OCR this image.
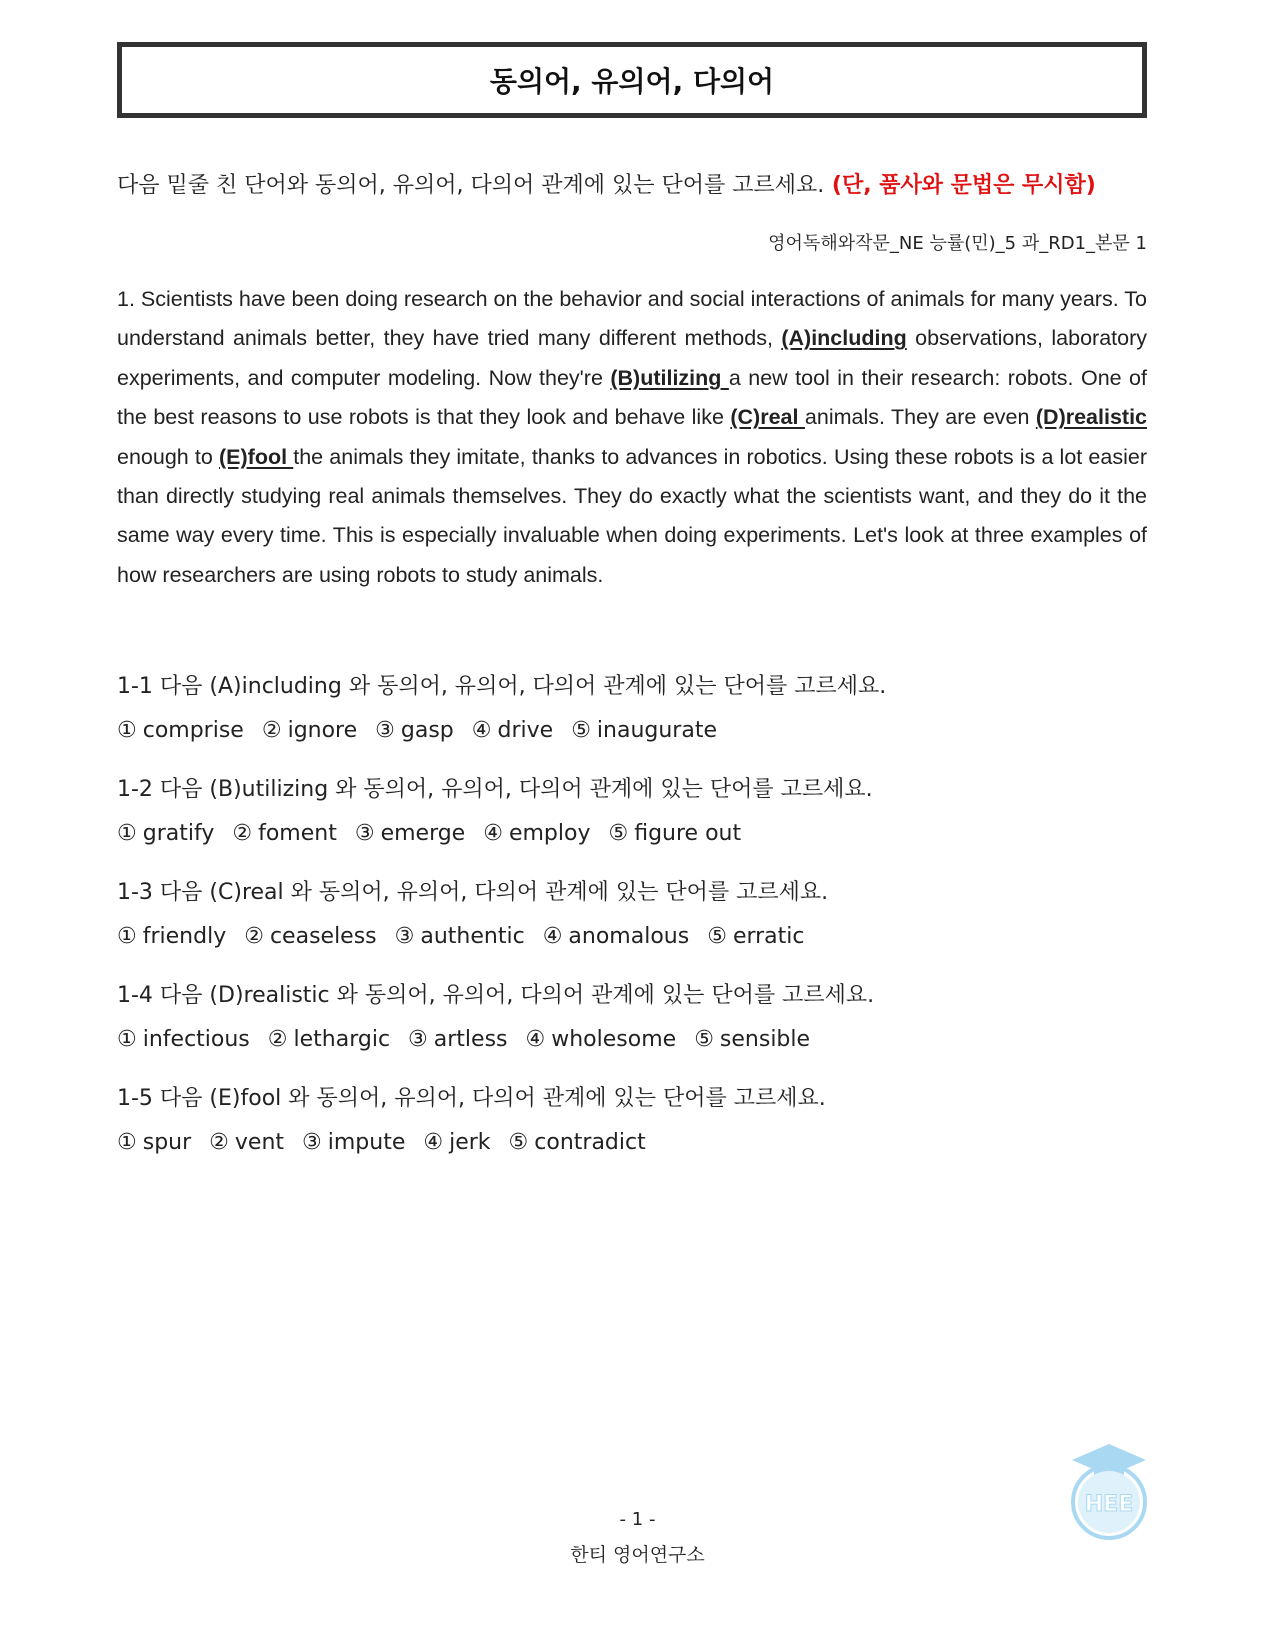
동의어, 유의어, 다의어
다음 밑줄 친 단어와 동의어, 유의어, 다의어 관계에 있는 단어를 고르세요. (단, 품사와 문법은 무시함)
영어독해와작문_NE 능률(민)_5 과_RD1_본문 1
1. Scientists have been doing research on the behavior and social interactions of animals for many years. To understand animals better, they have tried many different methods, (A)including observations, laboratory experiments, and computer modeling. Now they're (B)utilizing a new tool in their research: robots. One of the best reasons to use robots is that they look and behave like (C)real animals. They are even (D)realistic enough to (E)fool the animals they imitate, thanks to advances in robotics. Using these robots is a lot easier than directly studying real animals themselves. They do exactly what the scientists want, and they do it the same way every time. This is especially invaluable when doing experiments. Let's look at three examples of how researchers are using robots to study animals.
1-1 다음 (A)including 와 동의어, 유의어, 다의어 관계에 있는 단어를 고르세요.
① comprise ② ignore ③ gasp ④ drive ⑤ inaugurate
1-2 다음 (B)utilizing 와 동의어, 유의어, 다의어 관계에 있는 단어를 고르세요.
① gratify ② foment ③ emerge ④ employ ⑤ figure out
1-3 다음 (C)real 와 동의어, 유의어, 다의어 관계에 있는 단어를 고르세요.
① friendly ② ceaseless ③ authentic ④ anomalous ⑤ erratic
1-4 다음 (D)realistic 와 동의어, 유의어, 다의어 관계에 있는 단어를 고르세요.
① infectious ② lethargic ③ artless ④ wholesome ⑤ sensible
1-5 다음 (E)fool 와 동의어, 유의어, 다의어 관계에 있는 단어를 고르세요.
① spur ② vent ③ impute ④ jerk ⑤ contradict
- 1 -
한티 영어연구소
HEE
